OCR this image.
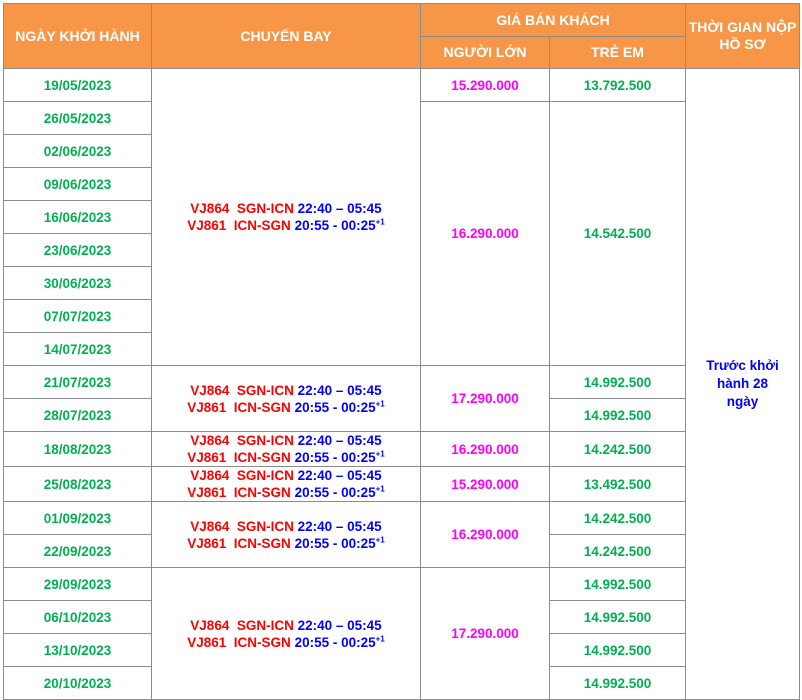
NGÀY KHỞI HÀNH	CHUYẾN BAY	GIÁ BÁN KHÁCH		THỜI GIAN NỘP HỒ SƠ
		NGƯỜI LỚN	TRẺ EM	
19/05/2023	VJ864 SGN-ICN 22:40 – 05:45
VJ861 ICN-SGN 20:55 - $00:25^{+1}$	15.290.000	13.792.500	Trước khởi hành 28 ngày

26/05/2023		16.290.000	14.542.500	
02/06/2023				
09/06/2023				
16/06/2023				
23/06/2023				
30/06/2023				
07/07/2023				
14/07/2023				
21/07/2023	VJ864 SGN-ICN 22:40 – 05:45
VJ861 ICN-SGN 20:55 - $00:25^{+1}$	17.290.000	14.992.500	
28/07/2023			14.992.500	
18/08/2023	VJ864 SGN-ICN 22:40 – 05:45
VJ861 ICN-SGN 20:55 - $00:25^{+1}$	16.290.000	14.242.500	
25/08/2023	VJ864 SGN-ICN 22:40 – 05:45
VJ861 ICN-SGN 20:55 - $00:25^{+1}$	15.290.000	13.492.500	
01/09/2023	VJ864 SGN-ICN 22:40 – 05:45
VJ861 ICN-SGN 20:55 - $00:25^{+1}$	16.290.000	14.242.500	
22/09/2023			14.242.500	
29/09/2023	VJ864 SGN-ICN 22:40 – 05:45
VJ861 ICN-SGN 20:55 - $00:25^{+1}$	17.290.000	14.992.500	
06/10/2023			14.992.500	
13/10/2023			14.992.500	
20/10/2023			14.992.500	
